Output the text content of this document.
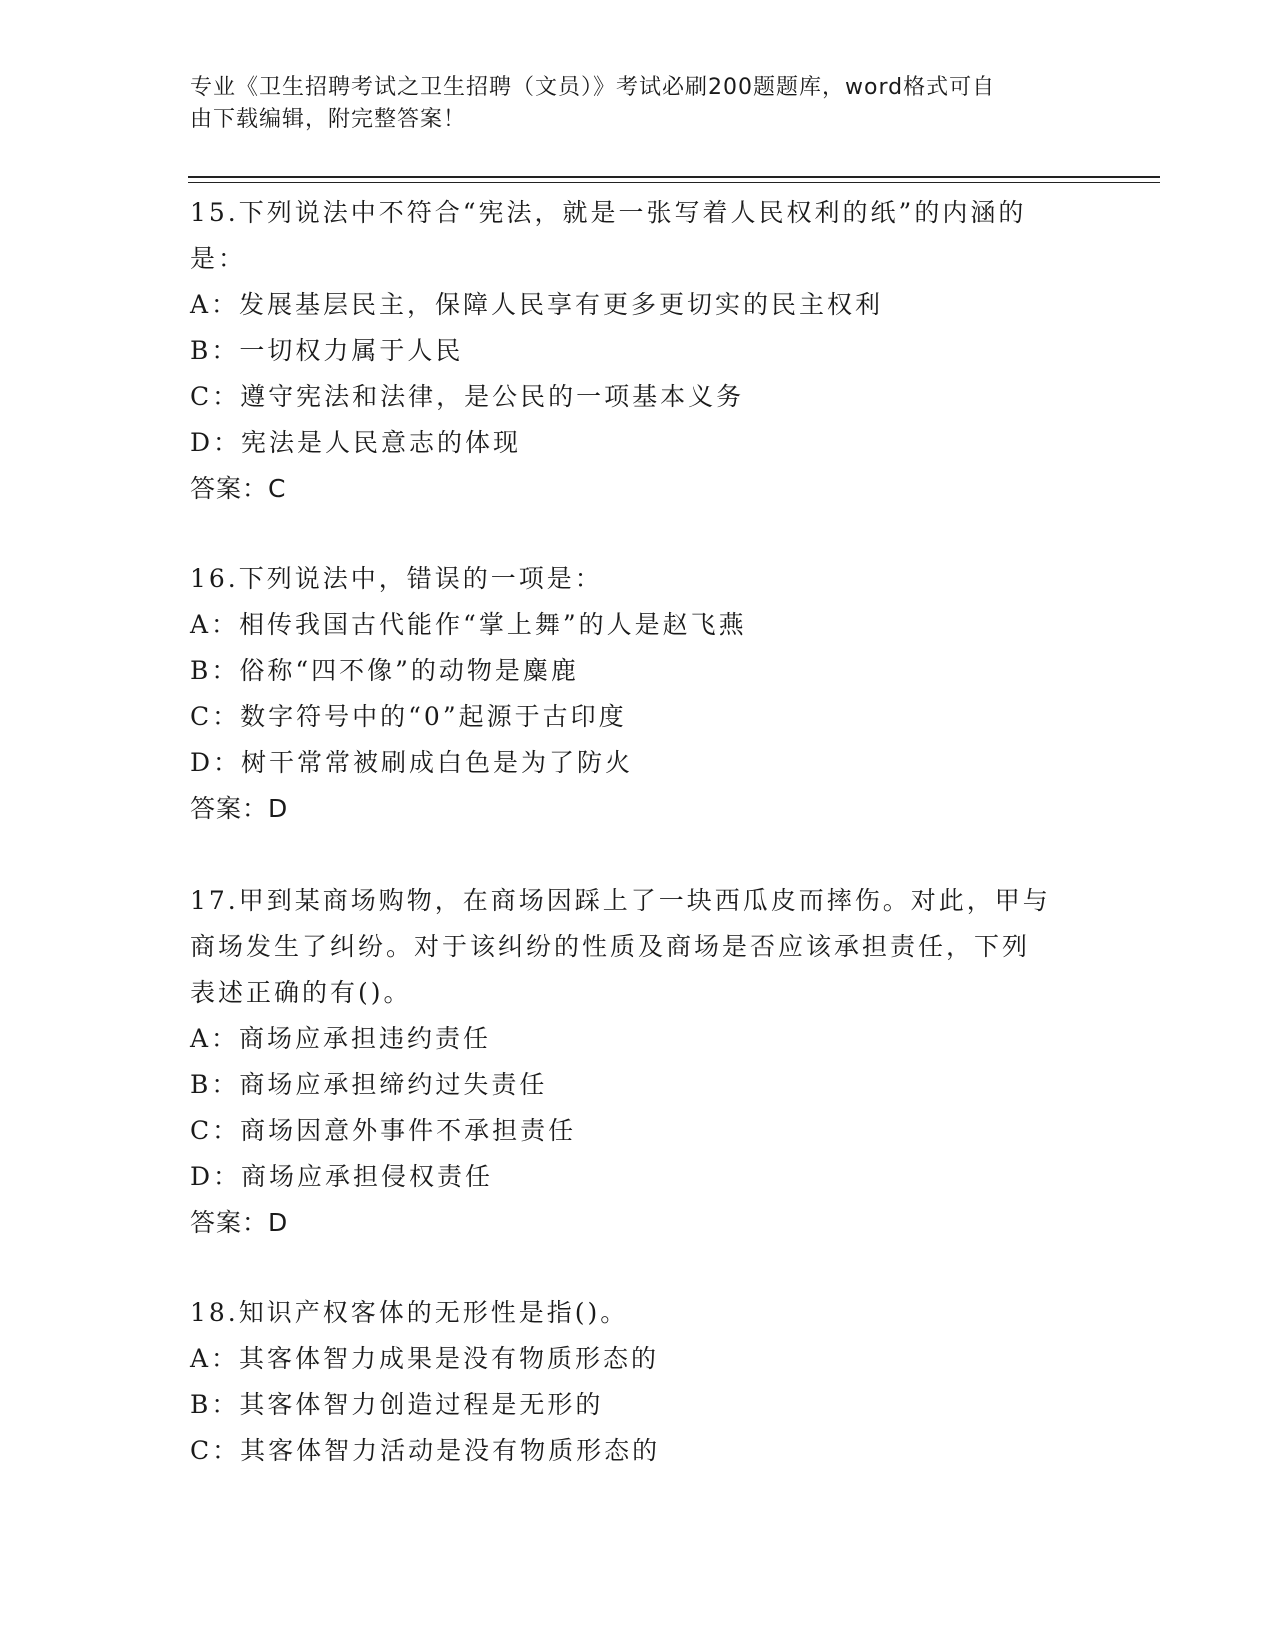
专业《卫生招聘考试之卫生招聘（文员）》考试必刷200题题库，word格式可自
由下载编辑，附完整答案！

15.下列说法中不符合“宪法，就是一张写着人民权利的纸”的内涵的

是：

A：发展基层民主，保障人民享有更多更切实的民主权利

B：一切权力属于人民

C：遵守宪法和法律，是公民的一项基本义务

D：宪法是人民意志的体现

答案：C

16.下列说法中，错误的一项是：

A：相传我国古代能作“掌上舞”的人是赵飞燕

B：俗称“四不像”的动物是麋鹿

C：数字符号中的“0”起源于古印度

D：树干常常被刷成白色是为了防火

答案：D

17.甲到某商场购物，在商场因踩上了一块西瓜皮而摔伤。对此，甲与

商场发生了纠纷。对于该纠纷的性质及商场是否应该承担责任，下列

表述正确的有()。

A：商场应承担违约责任

B：商场应承担缔约过失责任

C：商场因意外事件不承担责任

D：商场应承担侵权责任

答案：D

18.知识产权客体的无形性是指()。

A：其客体智力成果是没有物质形态的

B：其客体智力创造过程是无形的

C：其客体智力活动是没有物质形态的
